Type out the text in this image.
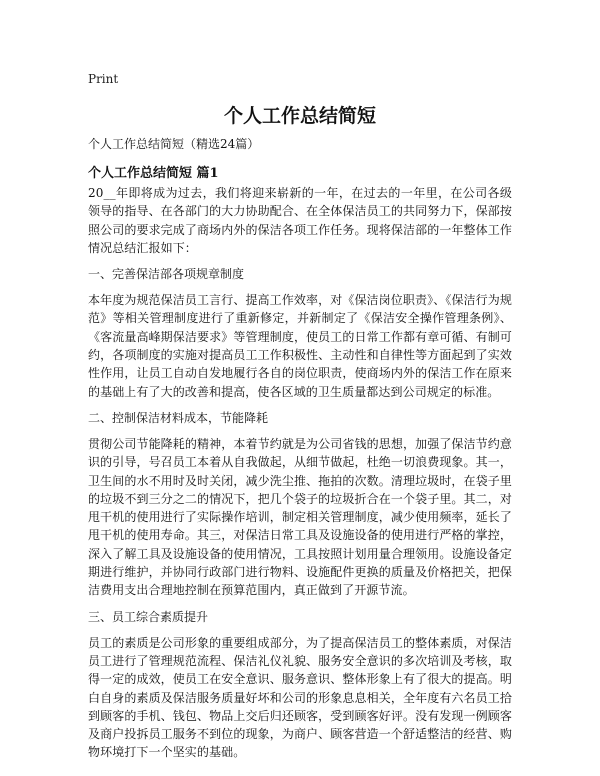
Print
个人工作总结简短

个人工作总结简短（精选24篇）

个人工作总结简短 篇1

20__年即将成为过去，我们将迎来崭新的一年，在过去的一年里，在公司各级领导的指导、在各部门的大力协助配合、在全体保洁员工的共同努力下，保部按照公司的要求完成了商场内外的保洁各项工作任务。现将保洁部的一年整体工作情况总结汇报如下：

一、完善保洁部各项规章制度

本年度为规范保洁员工言行、提高工作效率，对《保洁岗位职责》、《保洁行为规范》等相关管理制度进行了重新修定，并新制定了《保洁安全操作管理条例》、《客流量高峰期保洁要求》等管理制度，使员工的日常工作都有章可循、有制可约，各项制度的实施对提高员工工作积极性、主动性和自律性等方面起到了实效性作用，让员工自动自发地履行各自的岗位职责，使商场内外的保洁工作在原来的基础上有了大的改善和提高，使各区域的卫生质量都达到公司规定的标准。

二、控制保洁材料成本，节能降耗

贯彻公司节能降耗的精神，本着节约就是为公司省钱的思想，加强了保洁节约意识的引导，号召员工本着从自我做起，从细节做起，杜绝一切浪费现象。其一，卫生间的水不用时及时关闭，减少洗尘推、拖拍的次数。清理垃圾时，在袋子里的垃圾不到三分之二的情况下，把几个袋子的垃圾折合在一个袋子里。其二，对甩干机的使用进行了实际操作培训，制定相关管理制度，减少使用频率，延长了甩干机的使用寿命。其三，对保洁日常工具及设施设备的使用进行严格的掌控，深入了解工具及设施设备的使用情况，工具按照计划用量合理领用。设施设备定期进行维护，并协同行政部门进行物料、设施配件更换的质量及价格把关，把保洁费用支出合理地控制在预算范围内，真正做到了开源节流。

三、员工综合素质提升

员工的素质是公司形象的重要组成部分，为了提高保洁员工的整体素质，对保洁员工进行了管理规范流程、保洁礼仪礼貌、服务安全意识的多次培训及考核，取得一定的成效，使员工在安全意识、服务意识、整体形象上有了很大的提高。明白自身的素质及保洁服务质量好坏和公司的形象息息相关，全年度有六名员工拾到顾客的手机、钱包、物品上交后归还顾客，受到顾客好评。没有发现一例顾客及商户投拆员工服务不到位的现象，为商户、顾客营造一个舒适整洁的经营、购物环境打下一个坚实的基础。
